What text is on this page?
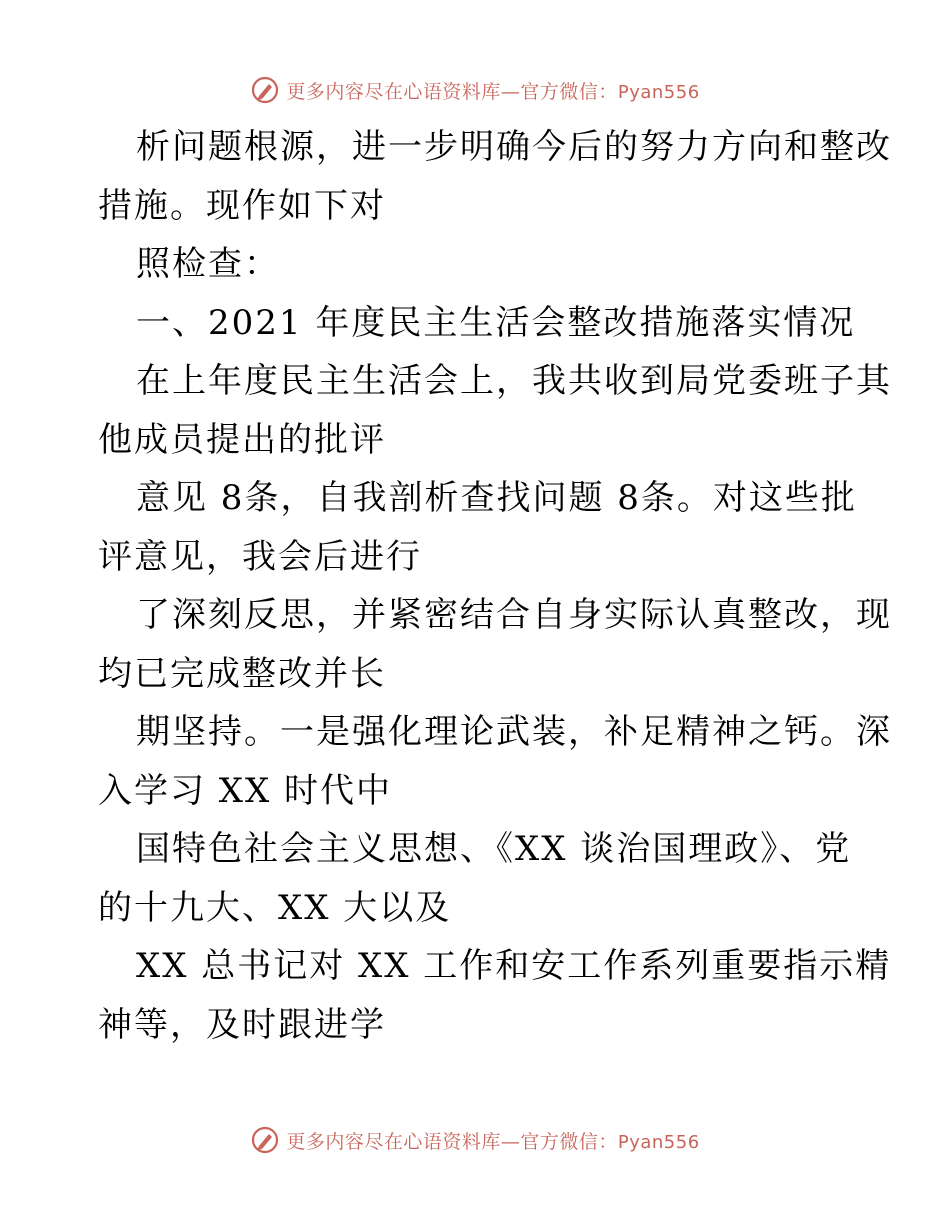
更多内容尽在心语资料库—官方微信：Pyan556
析问题根源，进一步明确今后的努力方向和整改
措施。现作如下对
照检查：
一、2021 年度民主生活会整改措施落实情况
在上年度民主生活会上，我共收到局党委班子其
他成员提出的批评
意见 8条，自我剖析查找问题 8条。对这些批
评意见，我会后进行
了深刻反思，并紧密结合自身实际认真整改，现
均已完成整改并长
期坚持。一是强化理论武装，补足精神之钙。深
入学习 XX 时代中
国特色社会主义思想、《XX 谈治国理政》、党
的十九大、XX 大以及
XX 总书记对 XX 工作和安工作系列重要指示精
神等，及时跟进学
更多内容尽在心语资料库—官方微信：Pyan556
